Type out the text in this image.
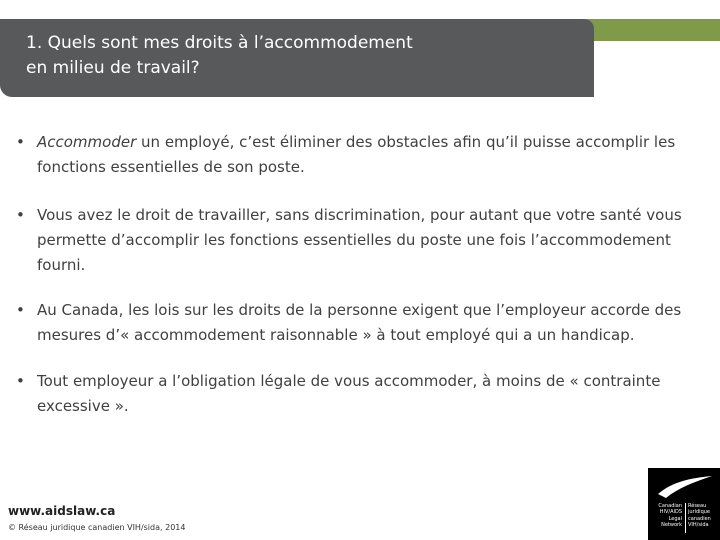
1. Quels sont mes droits à l’accommodement
en milieu de travail?
• Accommoder un employé, c’est éliminer des obstacles afin qu’il puisse accomplir les fonctions essentielles de son poste.
• Vous avez le droit de travailler, sans discrimination, pour autant que votre santé vous permette d’accomplir les fonctions essentielles du poste une fois l’accommodement fourni.
• Au Canada, les lois sur les droits de la personne exigent que l’employeur accorde des mesures d’« accommodement raisonnable » à tout employé qui a un handicap.
• Tout employeur a l’obligation légale de vous accommoder, à moins de « contrainte excessive ».
www.aidslaw.ca
© Réseau juridique canadien VIH/sida, 2014
Canadian
HIV/AIDS
Legal
Network
Réseau
juridique
canadien
VIH/sida
